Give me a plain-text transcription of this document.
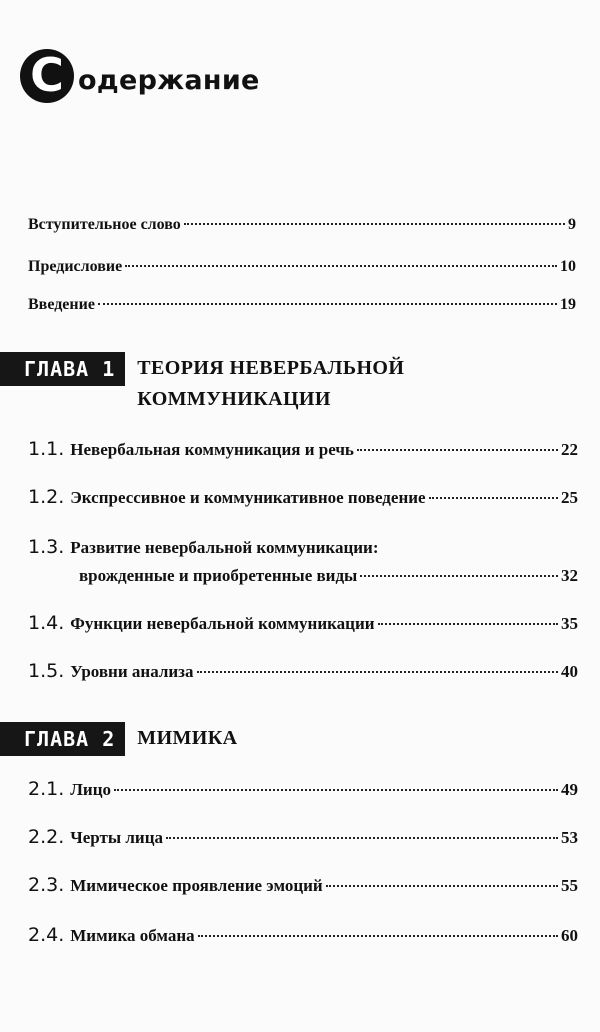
С одержание
Вступительное слово	9
Предисловие	10
Введение	19
ГЛАВА 1	ТЕОРИЯ НЕВЕРБАЛЬНОЙ
КОММУНИКАЦИИ
1.1. Невербальная коммуникация и речь	22
1.2. Экспрессивное и коммуникативное поведение	25
1.3. Развитие невербальной коммуникации:
врожденные и приобретенные виды	32
1.4. Функции невербальной коммуникации	35
1.5. Уровни анализа	40
ГЛАВА 2	МИМИКА
2.1. Лицо	49
2.2. Черты лица	53
2.3. Мимическое проявление эмоций	55
2.4. Мимика обмана	60
